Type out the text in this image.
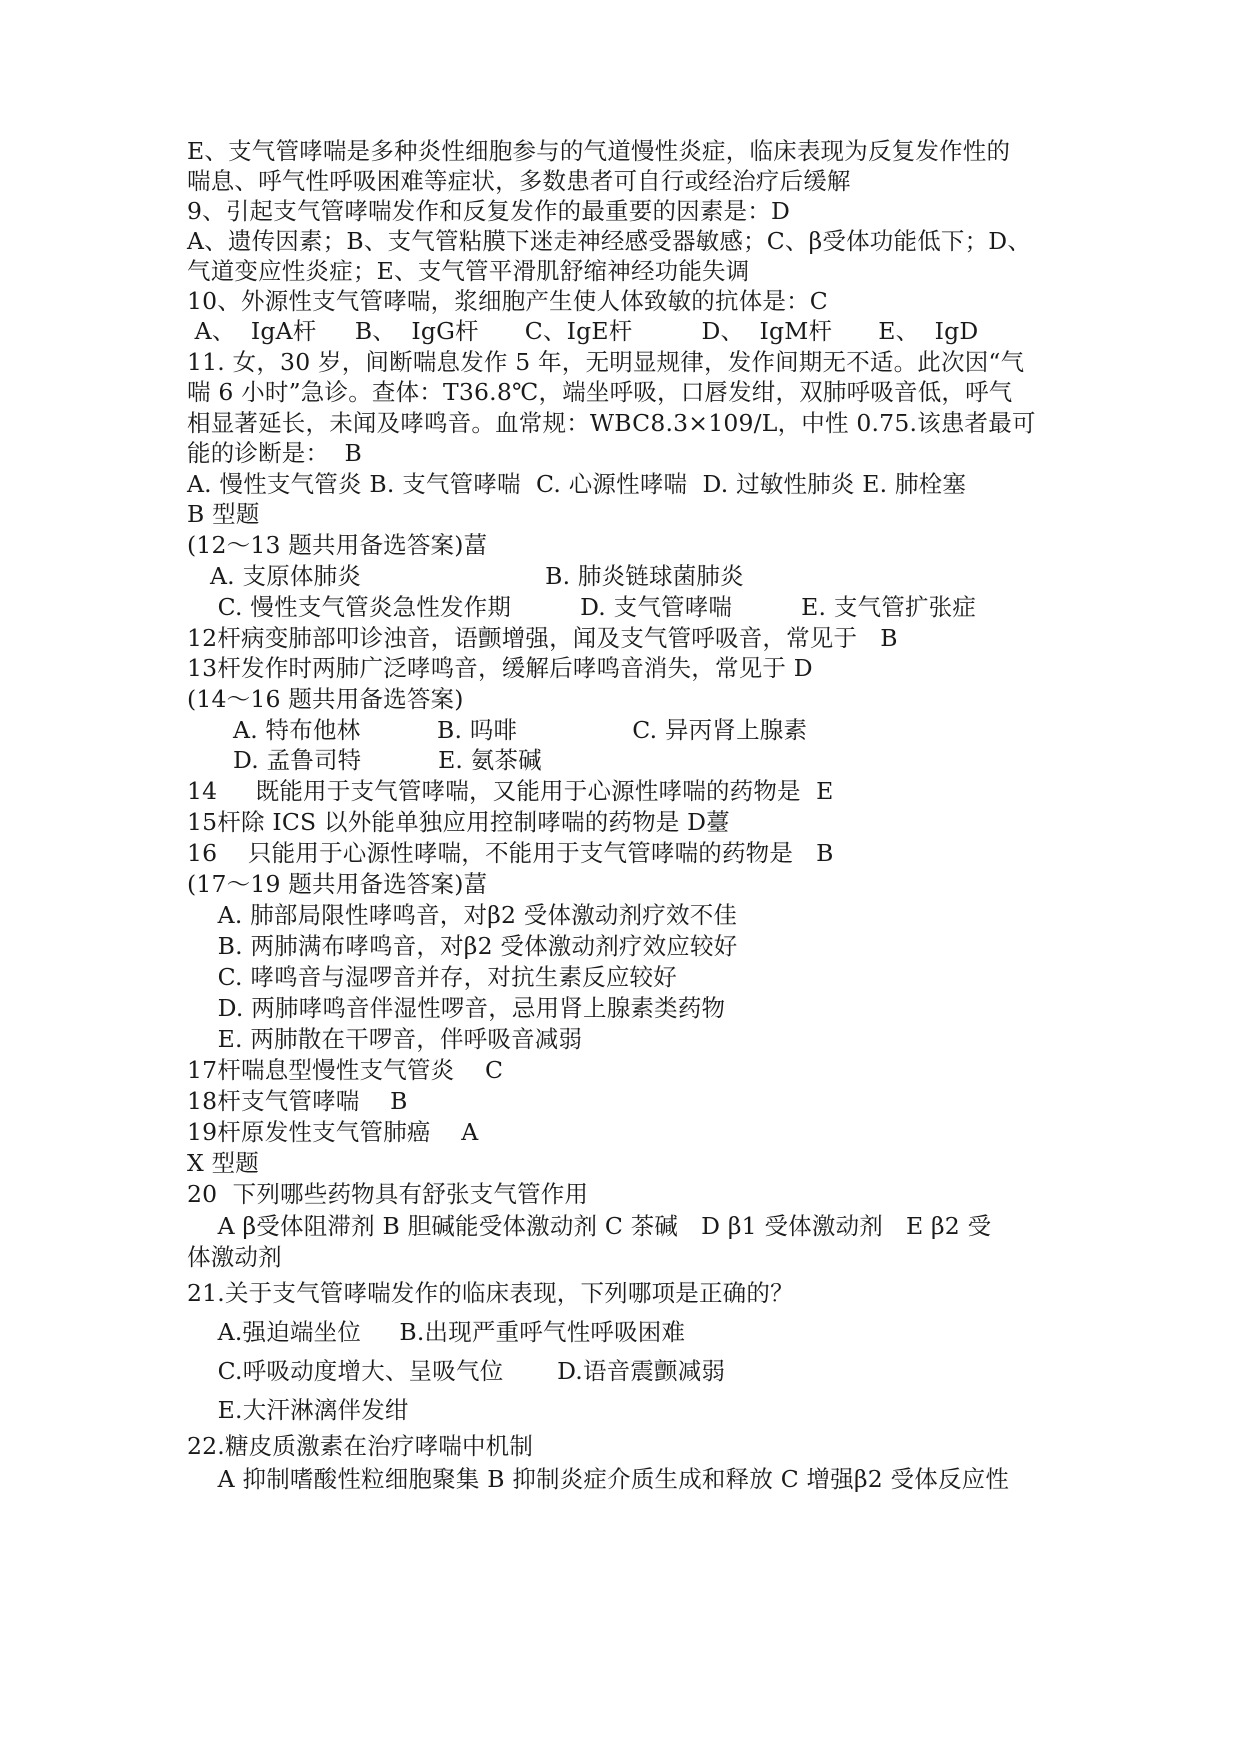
E、支气管哮喘是多种炎性细胞参与的气道慢性炎症，临床表现为反复发作性的
喘息、呼气性呼吸困难等症状，多数患者可自行或经治疗后缓解
9、引起支气管哮喘发作和反复发作的最重要的因素是：D
A、遗传因素；B、支气管粘膜下迷走神经感受器敏感；C、β受体功能低下；D、
气道变应性炎症；E、支气管平滑肌舒缩神经功能失调
10、外源性支气管哮喘，浆细胞产生使人体致敏的抗体是：C
A、  IgA杆     B、  IgG杆      C、IgE杆         D、  IgM杆      E、  IgD
11. 女，30 岁，间断喘息发作 5 年，无明显规律，发作间期无不适。此次因“气
喘 6 小时”急诊。查体：T36.8℃，端坐呼吸，口唇发绀，双肺呼吸音低，呼气
相显著延长，未闻及哮鸣音。血常规：WBC8.3×109/L，中性 0.75.该患者最可
能的诊断是：  B
A. 慢性支气管炎 B. 支气管哮喘  C. 心源性哮喘  D. 过敏性肺炎 E. 肺栓塞
B 型题
(12～13 题共用备选答案)葍
A. 支原体肺炎                        B. 肺炎链球菌肺炎
C. 慢性支气管炎急性发作期         D. 支气管哮喘         E. 支气管扩张症
12杆病变肺部叩诊浊音，语颤增强，闻及支气管呼吸音，常见于   B
13杆发作时两肺广泛哮鸣音，缓解后哮鸣音消失，常见于 D
(14～16 题共用备选答案)
A. 特布他林          B. 吗啡               C. 异丙肾上腺素
D. 孟鲁司特          E. 氨茶碱
14     既能用于支气管哮喘，又能用于心源性哮喘的药物是  E
15杆除 ICS 以外能单独应用控制哮喘的药物是 D薹
16    只能用于心源性哮喘，不能用于支气管哮喘的药物是   B
(17～19 题共用备选答案)葍
A. 肺部局限性哮鸣音，对β2 受体激动剂疗效不佳
B. 两肺满布哮鸣音，对β2 受体激动剂疗效应较好
C. 哮鸣音与湿啰音并存，对抗生素反应较好
D. 两肺哮鸣音伴湿性啰音，忌用肾上腺素类药物
E. 两肺散在干啰音，伴呼吸音减弱
17杆喘息型慢性支气管炎    C
18杆支气管哮喘    B
19杆原发性支气管肺癌    A
X 型题
20  下列哪些药物具有舒张支气管作用
A β受体阻滞剂 B 胆碱能受体激动剂 C 茶碱   D β1 受体激动剂   E β2 受
体激动剂
21.关于支气管哮喘发作的临床表现，下列哪项是正确的？
A.强迫端坐位     B.出现严重呼气性呼吸困难
C.呼吸动度增大、呈吸气位       D.语音震颤减弱
E.大汗淋漓伴发绀
22.糖皮质激素在治疗哮喘中机制
A 抑制嗜酸性粒细胞聚集 B 抑制炎症介质生成和释放 C 增强β2 受体反应性
